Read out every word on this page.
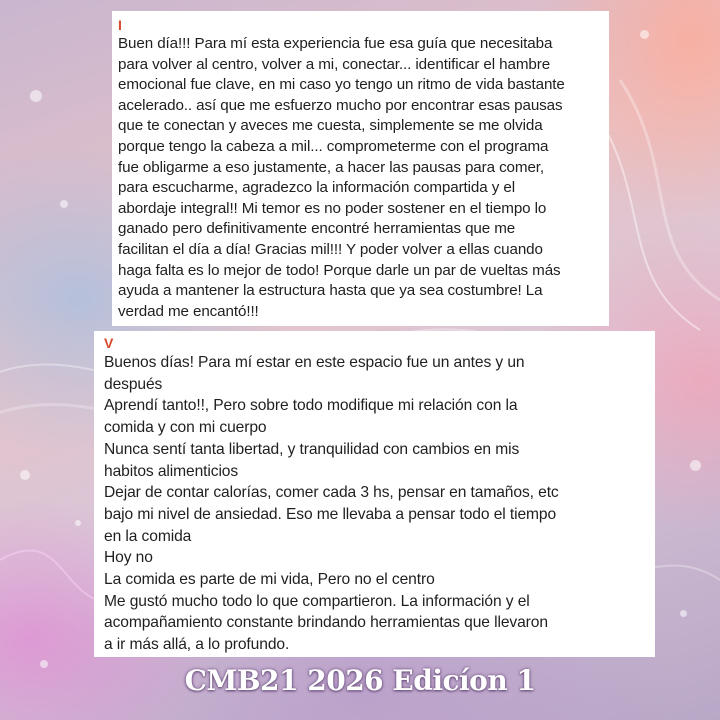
I
Buen día!!! Para mí esta experiencia fue esa guía que necesitaba
para volver al centro, volver a mi, conectar... identificar el hambre
emocional fue clave, en mi caso yo tengo un ritmo de vida bastante
acelerado.. así que me esfuerzo mucho por encontrar esas pausas
que te conectan y aveces me cuesta, simplemente se me olvida
porque tengo la cabeza a mil... comprometerme con el programa
fue obligarme a eso justamente, a hacer las pausas para comer,
para escucharme, agradezco la información compartida y el
abordaje integral!! Mi temor es no poder sostener en el tiempo lo
ganado pero definitivamente encontré herramientas que me
facilitan el día a día! Gracias mil!!! Y poder volver a ellas cuando
haga falta es lo mejor de todo! Porque darle un par de vueltas más
ayuda a mantener la estructura hasta que ya sea costumbre! La
verdad me encantó!!!
V
Buenos días! Para mí estar en este espacio fue un antes y un
después
Aprendí tanto!!, Pero sobre todo modifique mi relación con la
comida y con mi cuerpo
Nunca sentí tanta libertad, y tranquilidad con cambios en mis
habitos alimenticios
Dejar de contar calorías, comer cada 3 hs, pensar en tamaños, etc
bajo mi nivel de ansiedad. Eso me llevaba a pensar todo el tiempo
en la comida
Hoy no
La comida es parte de mi vida, Pero no el centro
Me gustó mucho todo lo que compartieron. La información y el
acompañamiento constante brindando herramientas que llevaron
a ir más allá, a lo profundo.
CMB21 2026 Edicíon 1
